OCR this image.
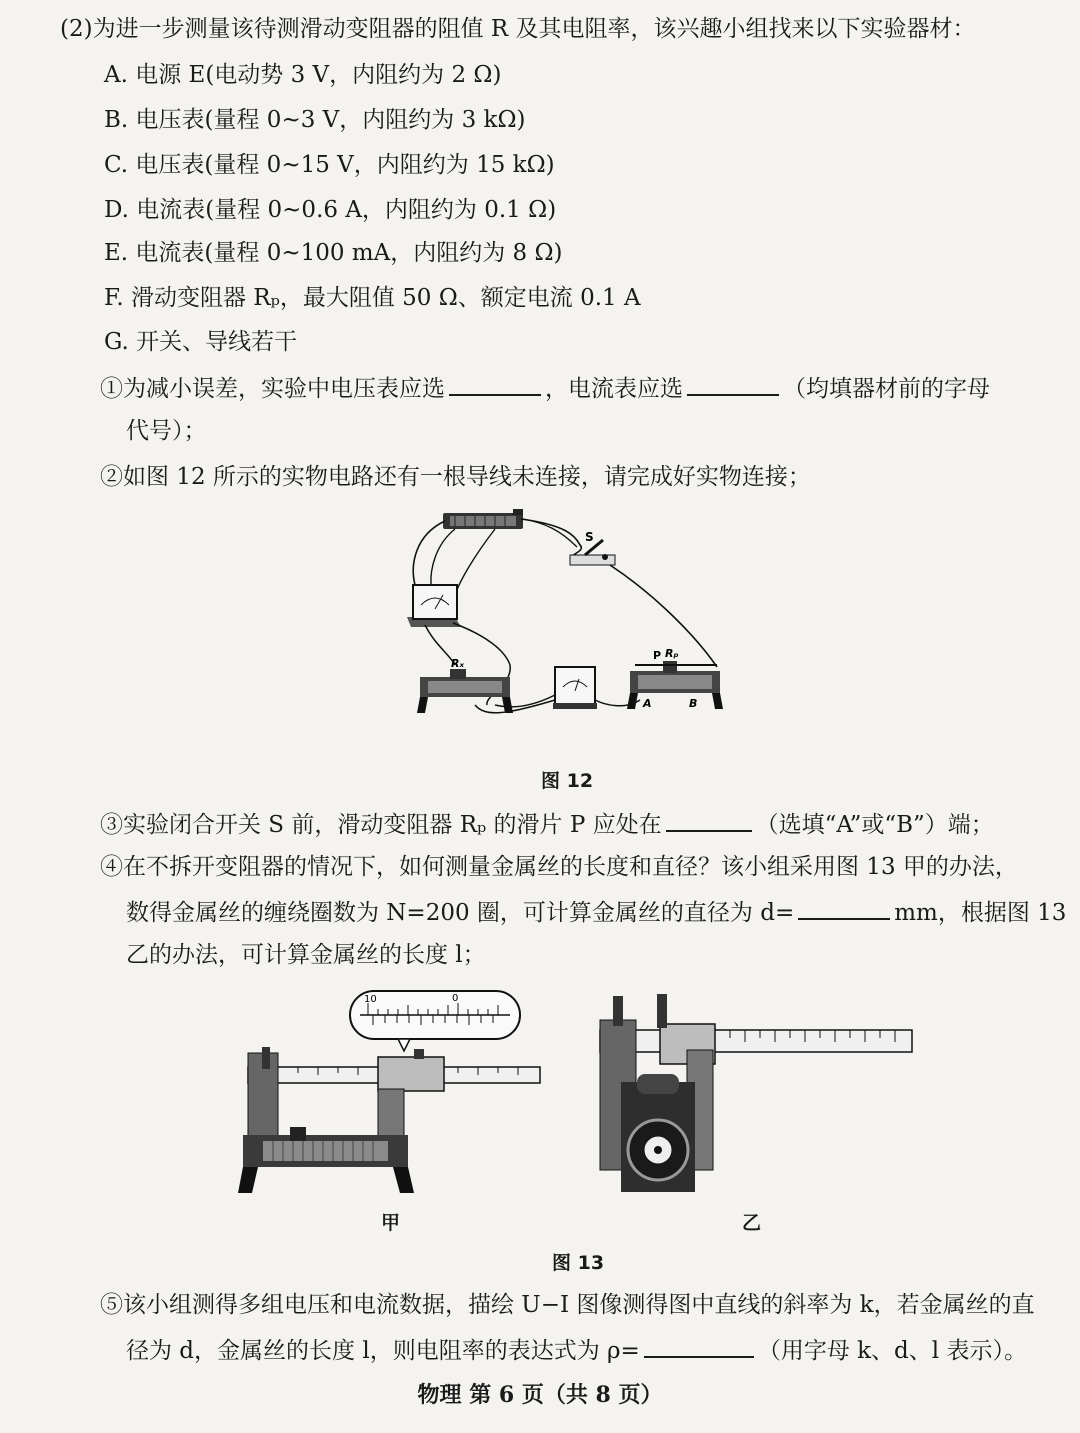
(2)为进一步测量该待测滑动变阻器的阻值 R 及其电阻率，该兴趣小组找来以下实验器材：
A. 电源 E(电动势 3 V，内阻约为 2 Ω)
B. 电压表(量程 0~3 V，内阻约为 3 kΩ)
C. 电压表(量程 0~15 V，内阻约为 15 kΩ)
D. 电流表(量程 0~0.6 A，内阻约为 0.1 Ω)
E. 电流表(量程 0~100 mA，内阻约为 8 Ω)
F. 滑动变阻器 Rₚ，最大阻值 50 Ω、额定电流 0.1 A
G. 开关、导线若干
①为减小误差，实验中电压表应选	，电流表应选	（均填器材前的字母
代号）；
②如图 12 所示的实物电路还有一根导线未连接，请完成好实物连接；
S
Rₓ
P Rₚ
A	B
图 12
③实验闭合开关 S 前，滑动变阻器 Rₚ 的滑片 P 应处在	（选填“A”或“B”）端；
④在不拆开变阻器的情况下，如何测量金属丝的长度和直径？该小组采用图 13 甲的办法，
数得金属丝的缠绕圈数为 N=200 圈，可计算金属丝的直径为 d=	mm，根据图 13
乙的办法，可计算金属丝的长度 l；
10	0
甲	乙
图 13
⑤该小组测得多组电压和电流数据，描绘 U−I 图像测得图中直线的斜率为 k，若金属丝的直
径为 d，金属丝的长度 l，则电阻率的表达式为 ρ=	（用字母 k、d、l 表示）。
物理 第 6 页（共 8 页）
